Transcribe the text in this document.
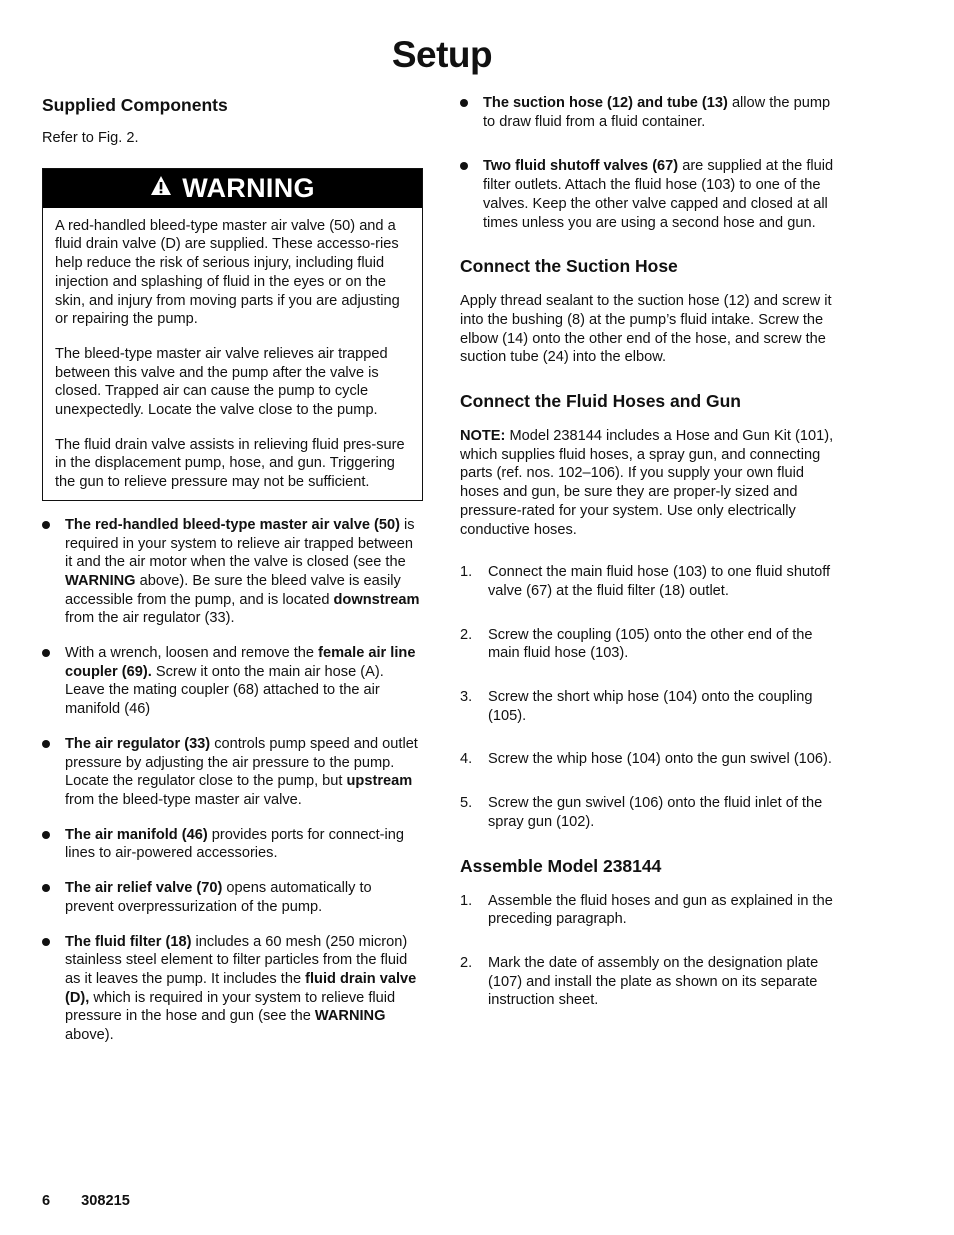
Setup
Supplied Components

Refer to Fig. 2.

WARNING

A red-handled bleed-type master air valve (50) and a fluid drain valve (D) are supplied. These accesso-ries help reduce the risk of serious injury, including fluid injection and splashing of fluid in the eyes or on the skin, and injury from moving parts if you are adjusting or repairing the pump.

The bleed-type master air valve relieves air trapped between this valve and the pump after the valve is closed. Trapped air can cause the pump to cycle unexpectedly. Locate the valve close to the pump.

The fluid drain valve assists in relieving fluid pres-sure in the displacement pump, hose, and gun. Triggering the gun to relieve pressure may not be sufficient.

The red-handled bleed-type master air valve (50) is required in your system to relieve air trapped between it and the air motor when the valve is closed (see the WARNING above). Be sure the bleed valve is easily accessible from the pump, and is located downstream from the air regulator (33).
With a wrench, loosen and remove the female air line coupler (69). Screw it onto the main air hose (A). Leave the mating coupler (68) attached to the air manifold (46)
The air regulator (33) controls pump speed and outlet pressure by adjusting the air pressure to the pump. Locate the regulator close to the pump, but upstream from the bleed-type master air valve.
The air manifold (46) provides ports for connect-ing lines to air-powered accessories.
The air relief valve (70) opens automatically to prevent overpressurization of the pump.
The fluid filter (18) includes a 60 mesh (250 micron) stainless steel element to filter particles from the fluid as it leaves the pump. It includes the fluid drain valve (D), which is required in your system to relieve fluid pressure in the hose and gun (see the WARNING above).
The suction hose (12) and tube (13) allow the pump to draw fluid from a fluid container.
Two fluid shutoff valves (67) are supplied at the fluid filter outlets. Attach the fluid hose (103) to one of the valves. Keep the other valve capped and closed at all times unless you are using a second hose and gun.
Connect the Suction Hose

Apply thread sealant to the suction hose (12) and screw it into the bushing (8) at the pump’s fluid intake. Screw the elbow (14) onto the other end of the hose, and screw the suction tube (24) into the elbow.

Connect the Fluid Hoses and Gun

NOTE: Model 238144 includes a Hose and Gun Kit (101), which supplies fluid hoses, a spray gun, and connecting parts (ref. nos. 102–106). If you supply your own fluid hoses and gun, be sure they are proper-ly sized and pressure-rated for your system. Use only electrically conductive hoses.

1. Connect the main fluid hose (103) to one fluid shutoff valve (67) at the fluid filter (18) outlet.
2. Screw the coupling (105) onto the other end of the main fluid hose (103).
3. Screw the short whip hose (104) onto the coupling (105).
4. Screw the whip hose (104) onto the gun swivel (106).
5. Screw the gun swivel (106) onto the fluid inlet of the spray gun (102).
Assemble Model 238144
1. Assemble the fluid hoses and gun as explained in the preceding paragraph.
2. Mark the date of assembly on the designation plate (107) and install the plate as shown on its separate instruction sheet.
6 308215
